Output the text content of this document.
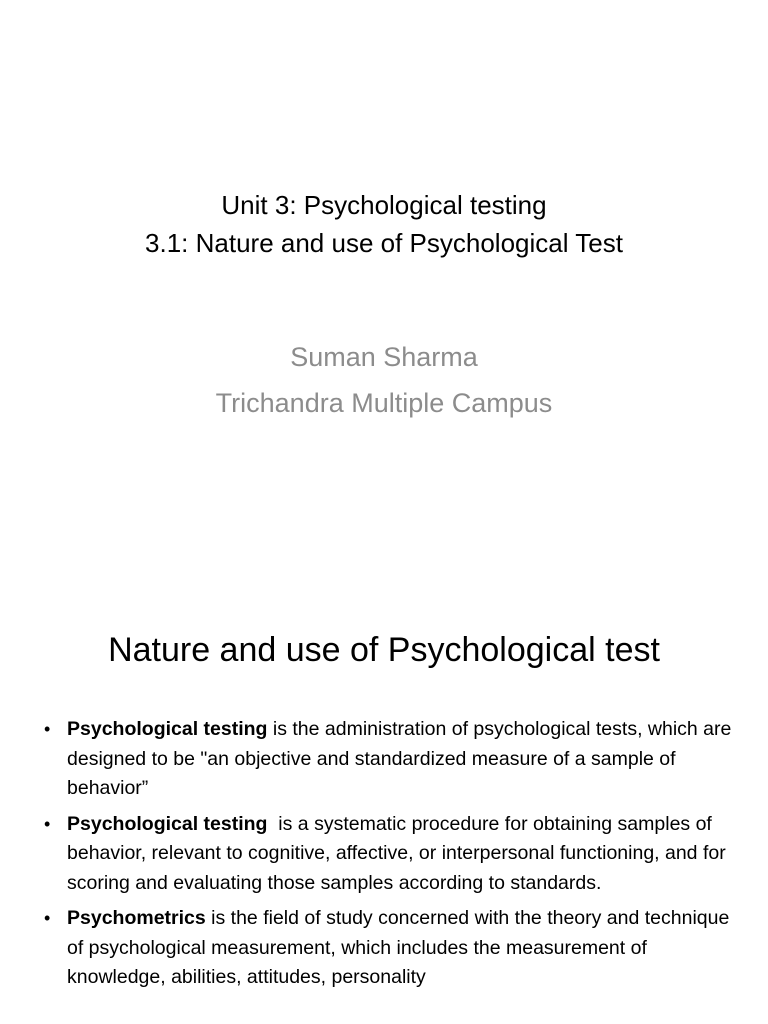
Unit 3: Psychological testing
3.1: Nature and use of Psychological Test
Suman Sharma
Trichandra Multiple Campus
Nature and use of Psychological test
• Psychological testing is the administration of psychological tests, which are designed to be "an objective and standardized measure of a sample of behavior”
• Psychological testing  is a systematic procedure for obtaining samples of behavior, relevant to cognitive, affective, or interpersonal functioning, and for scoring and evaluating those samples according to standards.
• Psychometrics is the field of study concerned with the theory and technique of psychological measurement, which includes the measurement of knowledge, abilities, attitudes, personality
